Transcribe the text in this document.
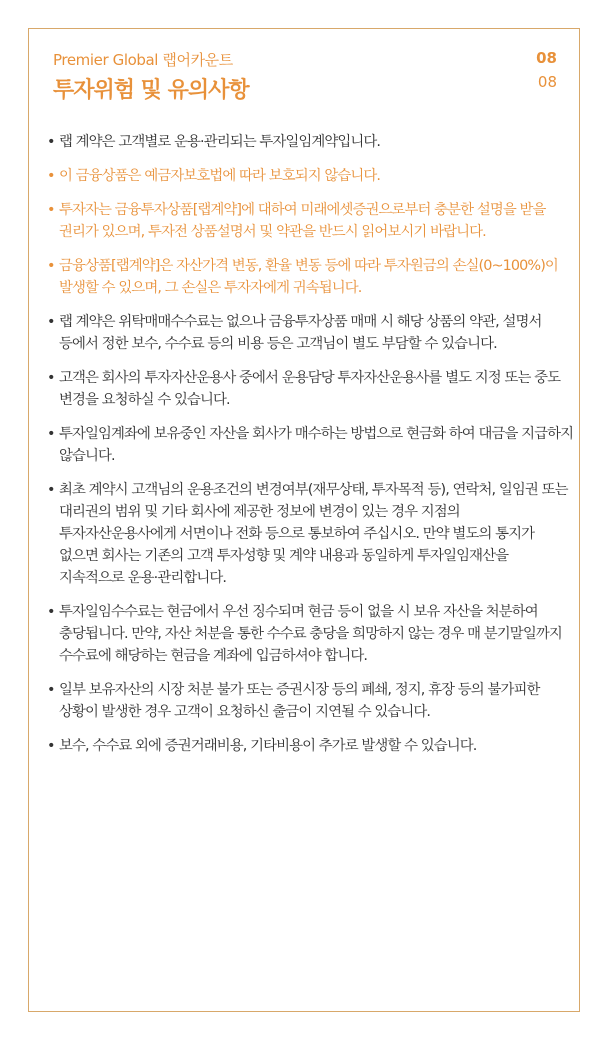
Premier Global 랩어카운트
투자위험 및 유의사항
08
08
• 랩 계약은 고객별로 운용·관리되는 투자일임계약입니다.
• 이 금융상품은 예금자보호법에 따라 보호되지 않습니다.
• 투자자는 금융투자상품[랩계약]에 대하여 미래에셋증권으로부터 충분한 설명을 받을 권리가 있으며, 투자전 상품설명서 및 약관을 반드시 읽어보시기 바랍니다.
• 금융상품[랩계약]은 자산가격 변동, 환율 변동 등에 따라 투자원금의 손실(0~100%)이 발생할 수 있으며, 그 손실은 투자자에게 귀속됩니다.
• 랩 계약은 위탁매매수수료는 없으나 금융투자상품 매매 시 해당 상품의 약관, 설명서 등에서 정한 보수, 수수료 등의 비용 등은 고객님이 별도 부담할 수 있습니다.
• 고객은 회사의 투자자산운용사 중에서 운용담당 투자자산운용사를 별도 지정 또는 중도 변경을 요청하실 수 있습니다.
• 투자일임계좌에 보유중인 자산을 회사가 매수하는 방법으로 현금화 하여 대금을 지급하지 않습니다.
• 최초 계약시 고객님의 운용조건의 변경여부(재무상태, 투자목적 등), 연락처, 일임권 또는 대리권의 범위 및 기타 회사에 제공한 정보에 변경이 있는 경우 지점의 투자자산운용사에게 서면이나 전화 등으로 통보하여 주십시오. 만약 별도의 통지가 없으면 회사는 기존의 고객 투자성향 및 계약 내용과 동일하게 투자일임재산을 지속적으로 운용·관리합니다.
• 투자일임수수료는 현금에서 우선 징수되며 현금 등이 없을 시 보유 자산을 처분하여 충당됩니다. 만약, 자산 처분을 통한 수수료 충당을 희망하지 않는 경우 매 분기말일까지 수수료에 해당하는 현금을 계좌에 입금하셔야 합니다.
• 일부 보유자산의 시장 처분 불가 또는 증권시장 등의 폐쇄, 정지, 휴장 등의 불가피한 상황이 발생한 경우 고객이 요청하신 출금이 지연될 수 있습니다.
• 보수, 수수료 외에 증권거래비용, 기타비용이 추가로 발생할 수 있습니다.
